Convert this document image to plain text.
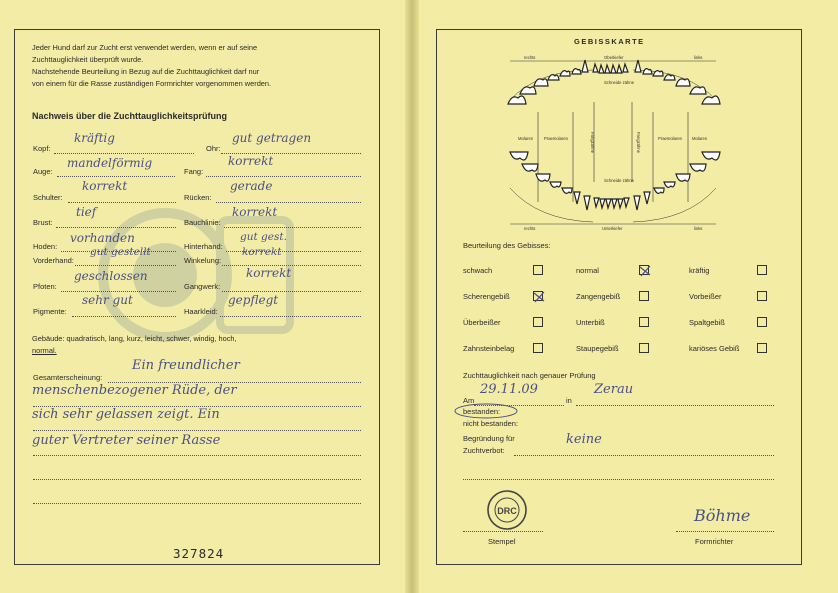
Jeder Hund darf zur Zucht erst verwendet werden, wenn er auf seine
Zuchttauglichkeit überprüft wurde.
Nachstehende Beurteilung in Bezug auf die Zuchttauglichkeit darf nur
von einem für die Rasse zuständigen Formrichter vorgenommen werden.
Nachweis über die Zuchttauglichkeitsprüfung
Kopf:
kräftig
Ohr:
gut getragen
Auge:
mandelförmig
Fang:
korrekt
Schulter:
korrekt
Rücken:
gerade
Brust:
tief
Bauchlinie:
korrekt
Hoden:
vorhanden
Hinterhand:
gut gest.
Vorderhand:
gut gestellt
Winkelung:
korrekt
Pfoten:
geschlossen
Gangwerk:
korrekt
Pigmente:
sehr gut
Haarkleid:
gepflegt
Gebäude: quadratisch, lang, kurz, leicht, schwer, windig, hoch,
normal.
Gesamterscheinung:
Ein freundlicher
menschenbezogener Rüde, der
sich sehr gelassen zeigt. Ein
guter Vertreter seiner Rasse
327824
GEBISSKARTE
rechts	Oberkiefer	links
Schneide zähne
Molaren	Praemolaren	Fangzähne	Fangzähne	Praemolaren Molaren
Schneide zähne
rechts	Unterkiefer	links
Beurteilung des Gebisses:
schwach	normal	kräftig
Scherengebiß	Zangengebiß	Vorbeißer
Überbeißer	Unterbiß	Spaltgebiß
Zahnsteinbelag	Staupegebiß	kariöses Gebiß
Zuchttauglichkeit nach genauer Prüfung
Am
29.11.09
in
Zerau
bestanden:
nicht bestanden:
Begründung für
Zuchtverbot:
keine
DRC
Stempel
Böhme
Formrichter
